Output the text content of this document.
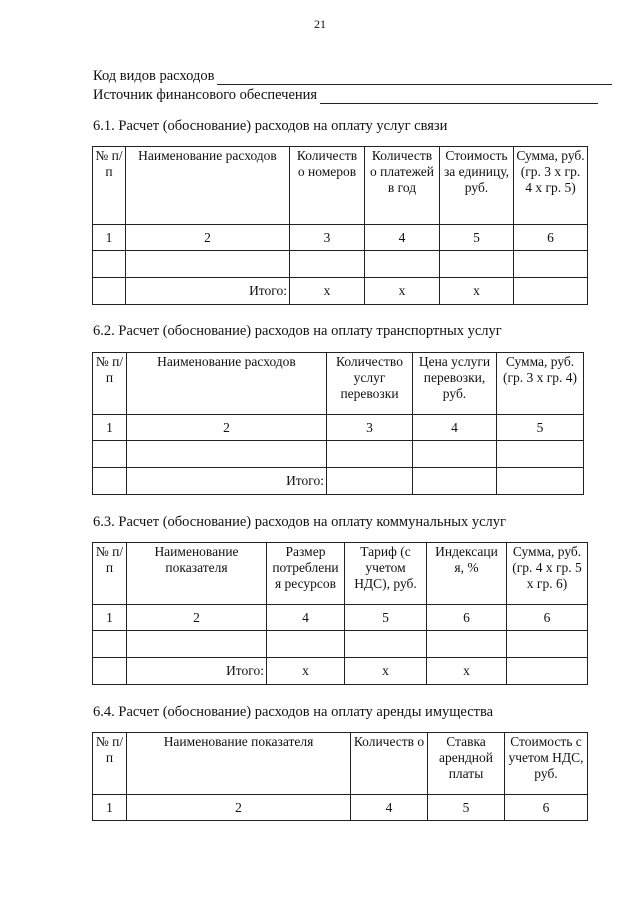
21
Код видов расходов
Источник финансового обеспечения
6.1. Расчет (обоснование) расходов на оплату услуг связи
№ п/п	Наименование расходов	Количеств о номеров	Количеств о платежей в год	Стоимость за единицу, руб.	Сумма, руб. (гр. 3 x гр. 4 x гр. 5)
1	2	3	4	5	6

	Итого:	x	x	x	
6.2. Расчет (обоснование) расходов на оплату транспортных услуг
№ п/п	Наименование расходов	Количество услуг перевозки	Цена услуги перевозки, руб.	Сумма, руб. (гр. 3 x гр. 4)
1	2	3	4	5

	Итого:			
6.3. Расчет (обоснование) расходов на оплату коммунальных услуг
№ п/п	Наименование показателя	Размер потреблени я ресурсов	Тариф (с учетом НДС), руб.	Индексаци я, %	Сумма, руб. (гр. 4 x гр. 5 x гр. 6)
1	2	4	5	6	6

	Итого:	x	x	x	
6.4. Расчет (обоснование) расходов на оплату аренды имущества
№ п/п	Наименование показателя	Количеств о	Ставка арендной платы	Стоимость с учетом НДС, руб.
1	2	4	5	6
